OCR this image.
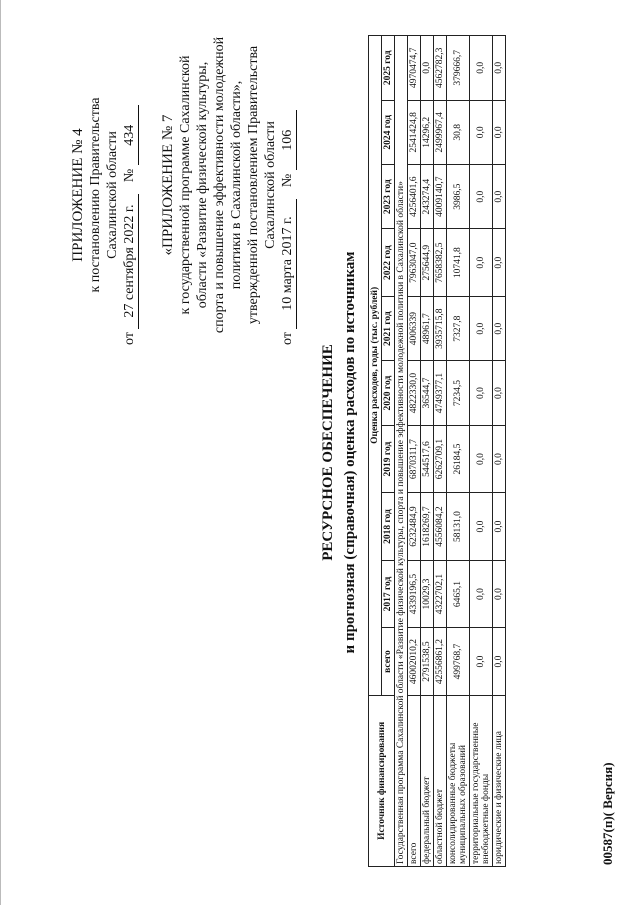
ПРИЛОЖЕНИЕ № 4 к постановлению Правительства Сахалинской области
от 27 сентября 2022 г. № 434 «ПРИЛОЖЕНИЕ № 7 к государственной программе Сахалинской области «Развитие физической культуры, спорта и повышение эффективности молодежной политики в Сахалинской области», утвержденной постановлением Правительства Сахалинской области
от 10 марта 2017 г. № 106
РЕСУРСНОЕ ОБЕСПЕЧЕНИЕ и прогнозная (справочная) оценка расходов по источникам
Источник финансирования	Оценка расходов, годы (тыс. рублей)									
	всего	2017 год	2018 год	2019 год	2020 год	2021 год	2022 год	2023 год	2024 год	2025 год
Государственная программа Сахалинской области «Развитие физической культуры, спорта и повышение эффективности молодежной политики в Сахалинской области»										
всего	46002010,2	4339196,5	6232484,9	6870311,7	4822330,0	4006339	7963047,0	4256401,6	2541424,8	4970474,7
федеральный бюджет	2791538,5	10029,3	1618269,7	544517,6	36544,7	48961,7	275644,9	243274,4	14296,2	0,0
областной бюджет	42556861,2	4322702,1	4556084,2	6262709,1	4749377,1	3935715,8	7658382,5	4009140,7	2499967,4	4562782,3
консолидированные бюджеты муниципальных образований	499768,7	6465,1	58131,0	26184,5	7234,5	7327,8	10741,8	3986,5	30,8	379666,7
территориальные государственные внебюджетные фонды	0,0	0,0	0,0	0,0	0,0	0,0	0,0	0,0	0,0	0,0
юридические и физические лица	0,0	0,0	0,0	0,0	0,0	0,0	0,0	0,0	0,0	0,0
00587(п)( Версия)
